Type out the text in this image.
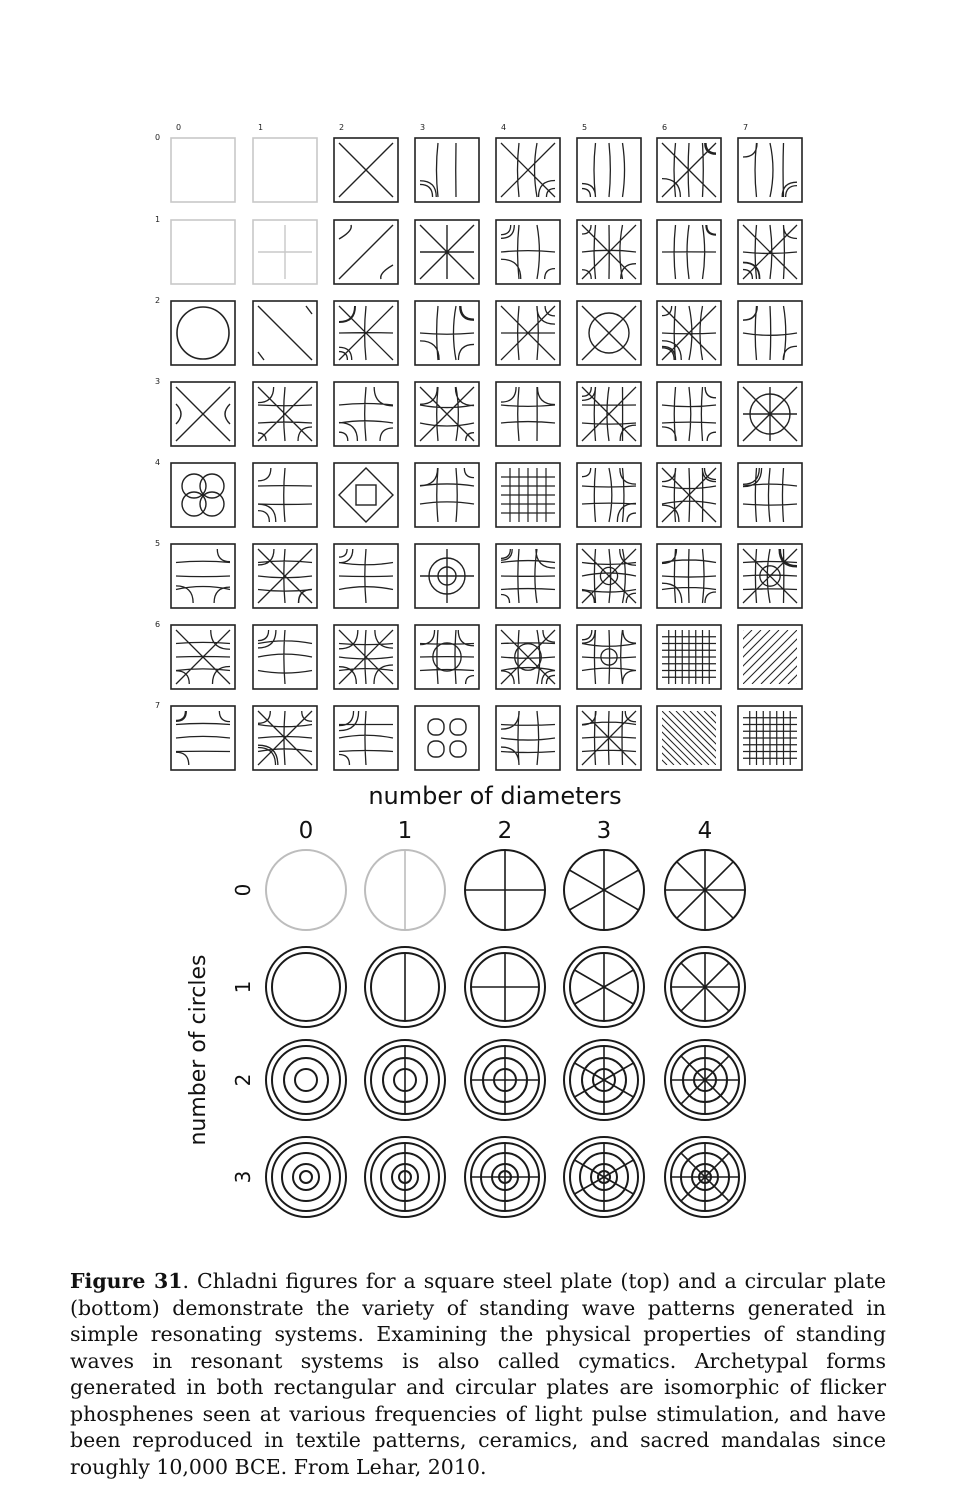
0	1	2	3	4	5	6	7
0
1
2
3
4
5
6
7
number of diameters
0	1	2	3	4
number of circles
0
1
2
3

Figure 31. Chladni figures for a square steel plate (top) and a circular plate (bottom) demonstrate the variety of standing wave patterns generated in simple resonating systems. Examining the physical properties of standing waves in resonant systems is also called cymatics. Archetypal forms generated in both rectangular and circular plates are isomorphic of flicker phosphenes seen at various frequencies of light pulse stimulation, and have been reproduced in textile patterns, ceramics, and sacred mandalas since roughly 10,000 BCE. From Lehar, 2010.
